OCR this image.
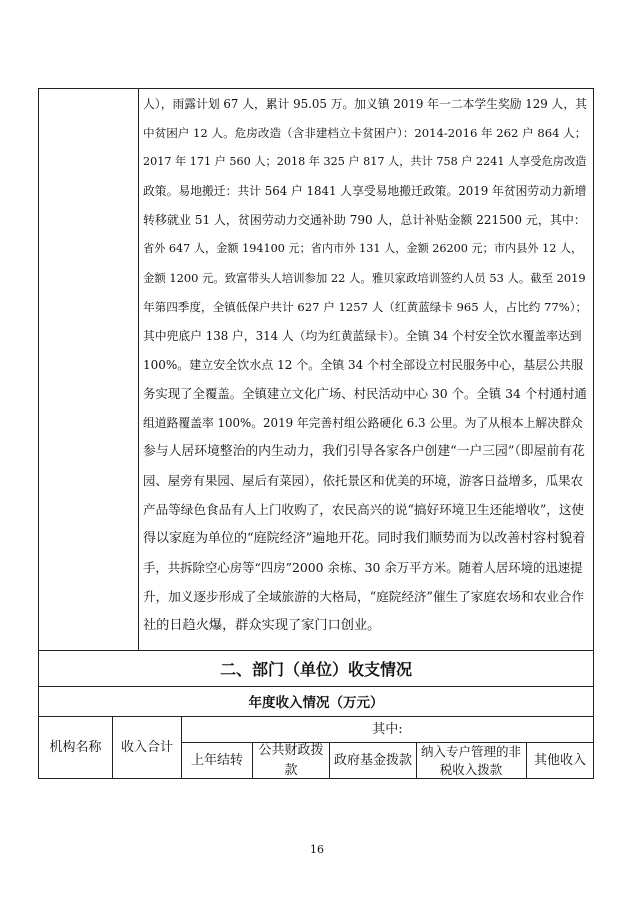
人），雨露计划 67 人，累计 95.05 万。加义镇 2019 年一二本学生奖励 129 人，其
中贫困户 12 人。危房改造（含非建档立卡贫困户）：2014-2016 年 262 户 864 人；
2017 年 171 户 560 人；2018 年 325 户 817 人，共计 758 户 2241 人享受危房改造
政策。易地搬迁：共计 564 户 1841 人享受易地搬迁政策。2019 年贫困劳动力新增
转移就业 51 人，贫困劳动力交通补助 790 人，总计补贴金额 221500 元，其中：
省外 647 人，金额 194100 元；省内市外 131 人，金额 26200 元；市内县外 12 人，
金额 1200 元。致富带头人培训参加 22 人。雅贝家政培训签约人员 53 人。截至 2019
年第四季度，全镇低保户共计 627 户 1257 人（红黄蓝绿卡 965 人，占比约 77%）；
其中兜底户 138 户，314 人（均为红黄蓝绿卡）。全镇 34 个村安全饮水覆盖率达到
100%。建立安全饮水点 12 个。全镇 34 个村全部设立村民服务中心，基层公共服
务实现了全覆盖。全镇建立文化广场、村民活动中心 30 个。全镇 34 个村通村通
组道路覆盖率 100%。2019 年完善村组公路硬化 6.3 公里。为了从根本上解决群众
参与人居环境整治的内生动力，我们引导各家各户创建“一户三园”（即屋前有花
园、屋旁有果园、屋后有菜园），依托景区和优美的环境，游客日益增多，瓜果农
产品等绿色食品有人上门收购了，农民高兴的说“搞好环境卫生还能增收”，这使
得以家庭为单位的“庭院经济”遍地开花。同时我们顺势而为以改善村容村貌着
手，共拆除空心房等“四房”2000 余栋、30 余万平方米。随着人居环境的迅速提
升，加义逐步形成了全域旅游的大格局，“庭院经济”催生了家庭农场和农业合作
社的日趋火爆，群众实现了家门口创业。
二、部门（单位）收支情况
年度收入情况（万元）
机构名称	收入合计
其中:
上年结转
公共财政拨款
政府基金拨款
纳入专户管理的非税收入拨款
其他收入
16
